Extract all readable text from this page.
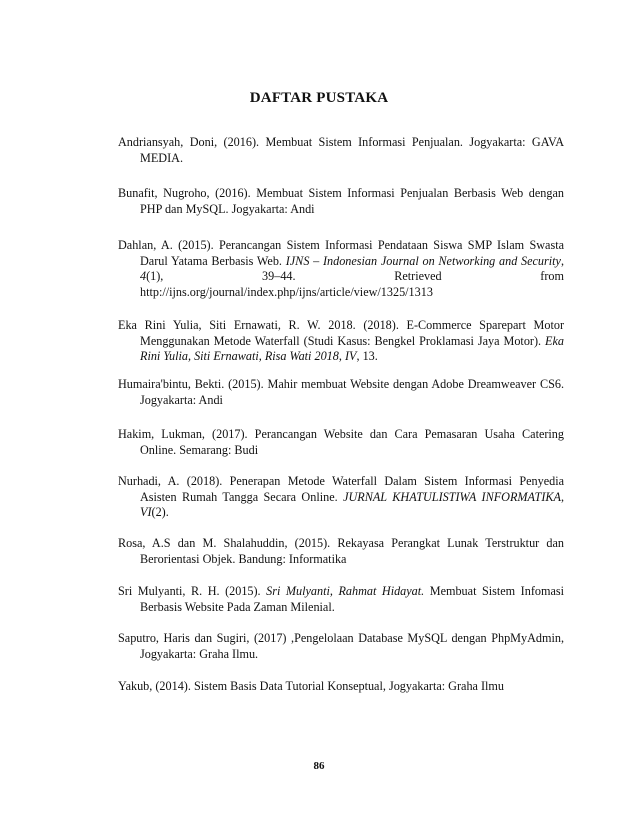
DAFTAR PUSTAKA
Andriansyah, Doni, (2016). Membuat Sistem Informasi Penjualan. Jogyakarta: GAVA MEDIA.
Bunafit, Nugroho, (2016). Membuat Sistem Informasi Penjualan Berbasis Web dengan PHP dan MySQL. Jogyakarta: Andi
Dahlan, A. (2015). Perancangan Sistem Informasi Pendataan Siswa SMP Islam Swasta Darul Yatama Berbasis Web. IJNS – Indonesian Journal on Networking and Security, 4(1), 39–44. Retrieved from http://ijns.org/journal/index.php/ijns/article/view/1325/1313
Eka Rini Yulia, Siti Ernawati, R. W. 2018. (2018). E-Commerce Sparepart Motor Menggunakan Metode Waterfall (Studi Kasus: Bengkel Proklamasi Jaya Motor). Eka Rini Yulia, Siti Ernawati, Risa Wati 2018, IV, 13.
Humaira'bintu, Bekti. (2015). Mahir membuat Website dengan Adobe Dreamweaver CS6. Jogyakarta: Andi
Hakim, Lukman, (2017). Perancangan Website dan Cara Pemasaran Usaha Catering Online. Semarang: Budi
Nurhadi, A. (2018). Penerapan Metode Waterfall Dalam Sistem Informasi Penyedia Asisten Rumah Tangga Secara Online. JURNAL KHATULISTIWA INFORMATIKA, VI(2).
Rosa, A.S dan M. Shalahuddin, (2015). Rekayasa Perangkat Lunak Terstruktur dan Berorientasi Objek. Bandung: Informatika
Sri Mulyanti, R. H. (2015). Sri Mulyanti, Rahmat Hidayat. Membuat Sistem Infomasi Berbasis Website Pada Zaman Milenial.
Saputro, Haris dan Sugiri, (2017) ,Pengelolaan Database MySQL dengan PhpMyAdmin, Jogyakarta: Graha Ilmu.
Yakub, (2014). Sistem Basis Data Tutorial Konseptual, Jogyakarta: Graha Ilmu
86
